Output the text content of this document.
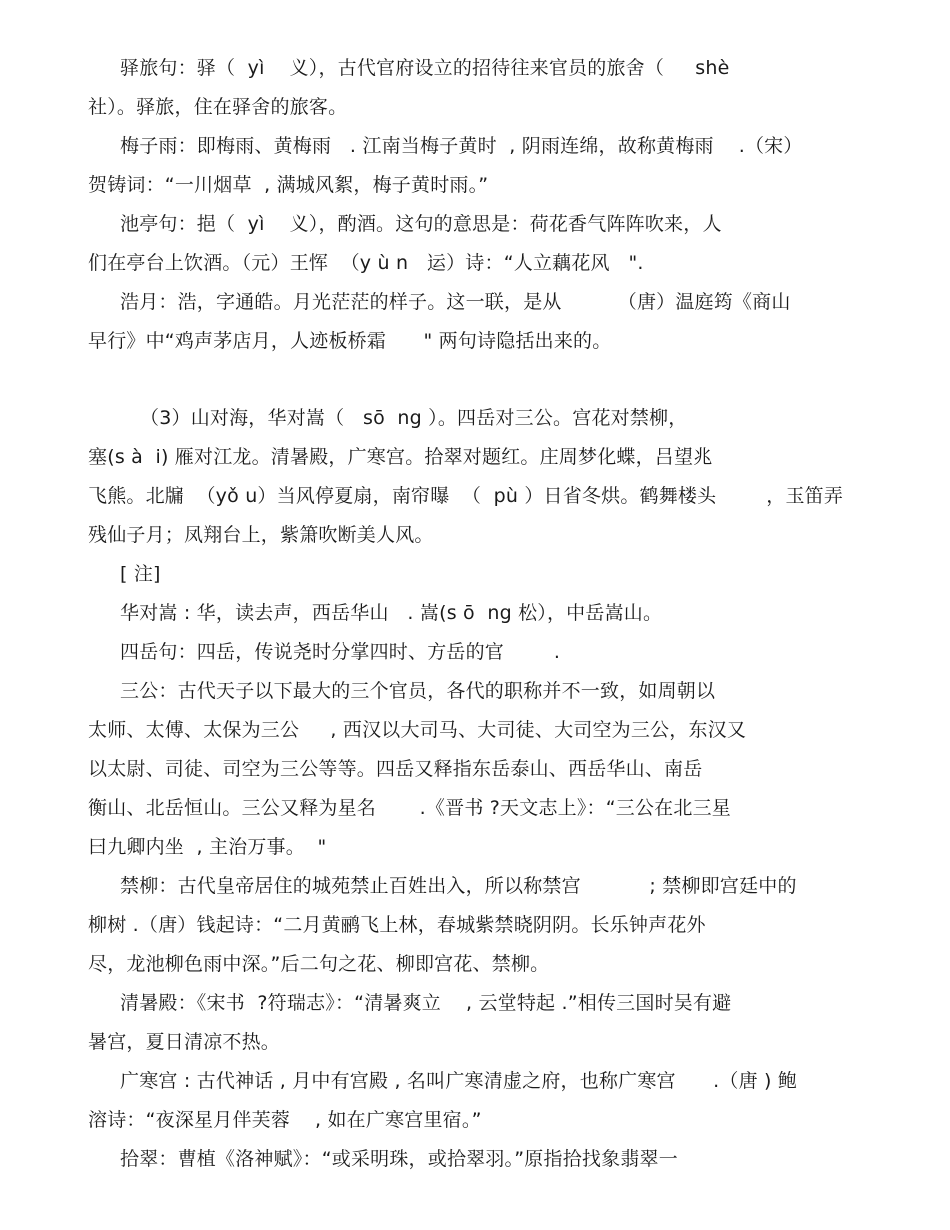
驿旅句：驿（  yì    义），古代官府设立的招待往来官员的旅舍（     shè
社）。驿旅，住在驿舍的旅客。
梅子雨：即梅雨、黄梅雨   . 江南当梅子黄时  , 阴雨连绵，故称黄梅雨    .（宋）
贺铸词：“一川烟草  , 满城风絮，梅子黄时雨。”
池亭句：挹（  yì    义），酌酒。这句的意思是：荷花香气阵阵吹来，人
们在亭台上饮酒。（元）王恽  （y ù n   运）诗：“人立藕花风   ".
浩月：浩，字通皓。月光茫茫的样子。这一联，是从         （唐）温庭筠《商山
早行》中“鸡声茅店月，人迹板桥霜      " 两句诗隐括出来的。
（3）山对海，华对嵩（   sō  ng ）。四岳对三公。宫花对禁柳，
塞(s à  i) 雁对江龙。清暑殿，广寒宫。拾翠对题红。庄周梦化蝶，吕望兆
飞熊。北牖  （yǒ u）当风停夏扇，南帘曝  （  pù ）日省冬烘。鹤舞楼头        ，玉笛弄
残仙子月；凤翔台上，紫箫吹断美人风。
[ 注]
华对嵩 : 华，读去声，西岳华山   . 嵩(s ō  ng 松），中岳嵩山。
四岳句：四岳，传说尧时分掌四时、方岳的官        .
三公：古代天子以下最大的三个官员，各代的职称并不一致，如周朝以
太师、太傅、太保为三公     , 西汉以大司马、大司徒、大司空为三公，东汉又
以太尉、司徒、司空为三公等等。四岳又释指东岳泰山、西岳华山、南岳
衡山、北岳恒山。三公又释为星名       .《晋书 ?天文志上》：“三公在北三星
曰九卿内坐  , 主治万事。  "
禁柳：古代皇帝居住的城苑禁止百姓出入，所以称禁宫           ; 禁柳即宫廷中的
柳树 .（唐）钱起诗：“二月黄鹂飞上林，春城紫禁晓阴阴。长乐钟声花外
尽，龙池柳色雨中深。”后二句之花、柳即宫花、禁柳。
清暑殿：《宋书  ?符瑞志》：“清暑爽立    , 云堂特起 .”相传三国时吴有避
暑宫，夏日清凉不热。
广寒宫 : 古代神话 , 月中有宫殿 , 名叫广寒清虚之府，也称广寒宫      .（唐 ) 鲍
溶诗：“夜深星月伴芙蓉    , 如在广寒宫里宿。”
拾翠：曹植《洛神赋》：“或采明珠，或拾翠羽。”原指拾找象翡翠一
